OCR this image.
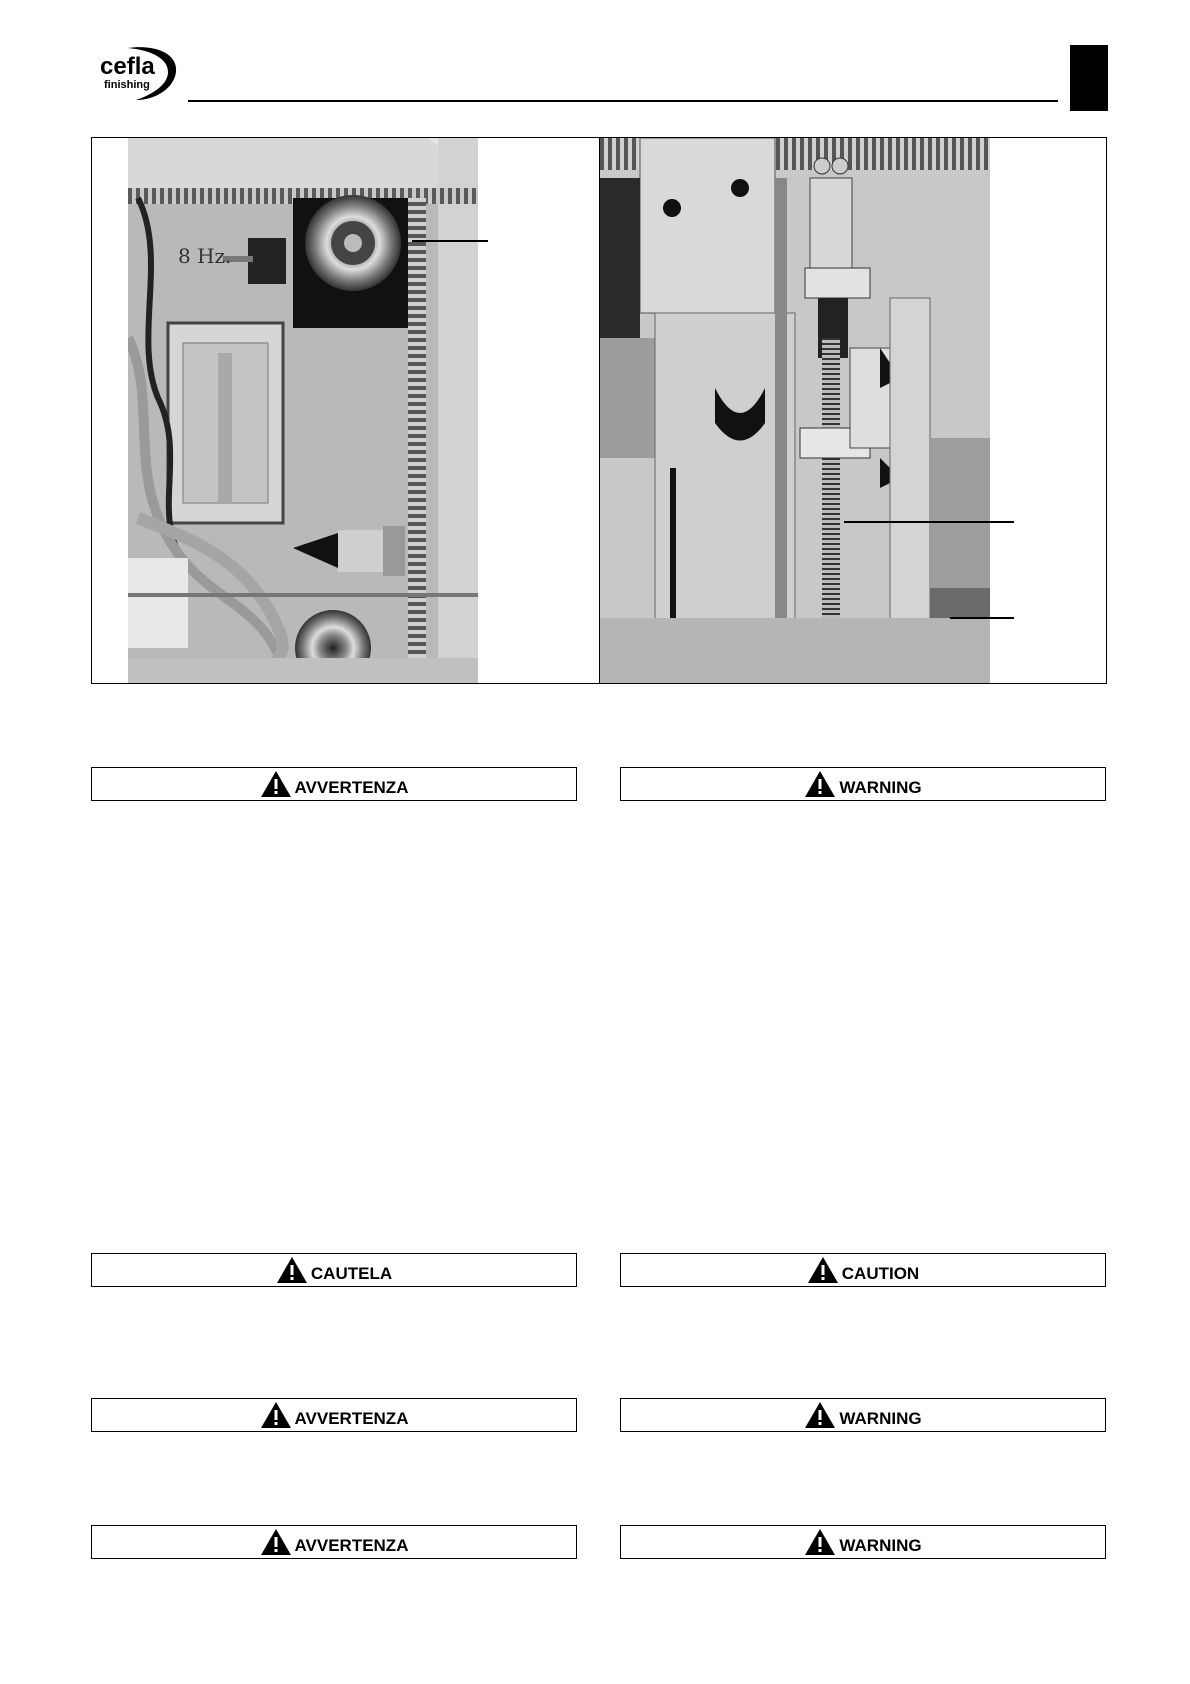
cefla
finishing
8 Hz.
AVVERTENZA	WARNING
CAUTELA	CAUTION
AVVERTENZA	WARNING
AVVERTENZA	WARNING
